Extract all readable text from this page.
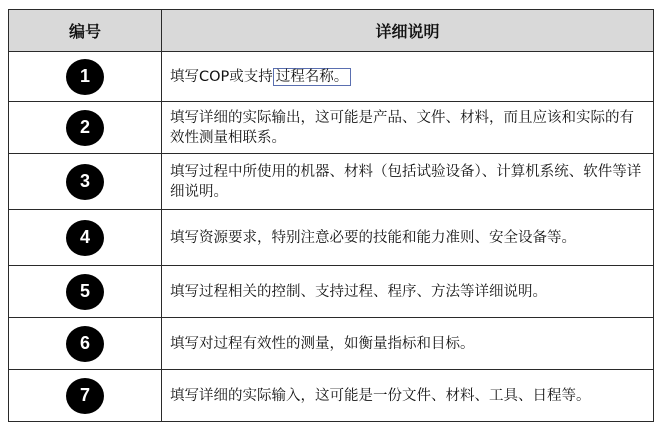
编号	详细说明
1	填写COP或支持 过程名称。
2	填写详细的实际输出，这可能是产品、文件、材料，而且应该和实际的有效性测量相联系。
3	填写过程中所使用的机器、材料（包括试验设备）、计算机系统、软件等详细说明。
4	填写资源要求，特别注意必要的技能和能力准则、安全设备等。
5	填写过程相关的控制、支持过程、程序、方法等详细说明。
6	填写对过程有效性的测量，如衡量指标和目标。
7	填写详细的实际输入，这可能是一份文件、材料、工具、日程等。
